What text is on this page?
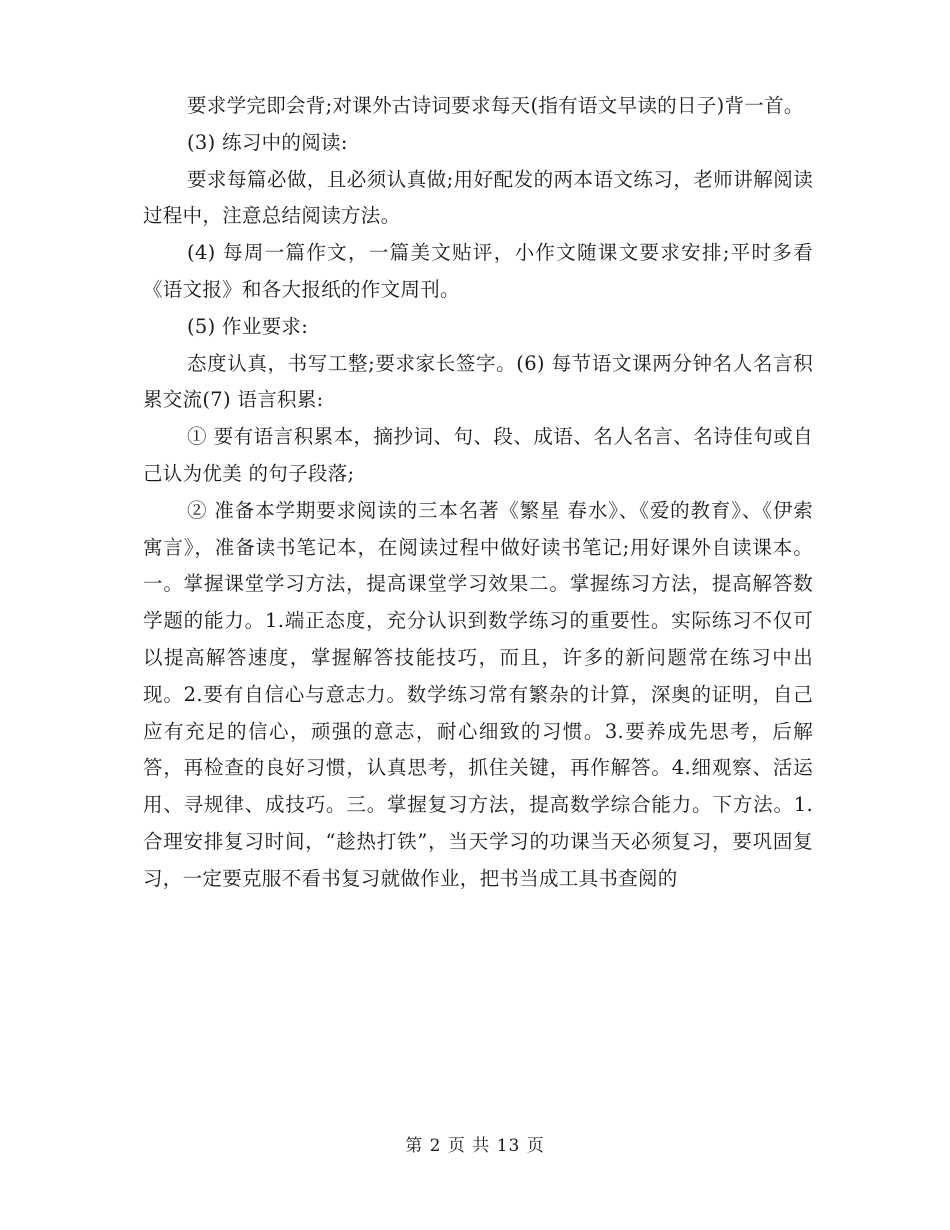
要求学完即会背;对课外古诗词要求每天(指有语文早读的日子)背一首。

(3) 练习中的阅读:

要求每篇必做，且必须认真做;用好配发的两本语文练习，老师讲解阅读过程中，注意总结阅读方法。

(4) 每周一篇作文，一篇美文贴评，小作文随课文要求安排;平时多看《语文报》和各大报纸的作文周刊。

(5) 作业要求:

态度认真，书写工整;要求家长签字。(6) 每节语文课两分钟名人名言积累交流(7) 语言积累:

① 要有语言积累本，摘抄词、句、段、成语、名人名言、名诗佳句或自己认为优美 的句子段落;

② 准备本学期要求阅读的三本名著《繁星 春水》、《爱的教育》、《伊索寓言》，准备读书笔记本，在阅读过程中做好读书笔记;用好课外自读课本。一。掌握课堂学习方法，提高课堂学习效果二。掌握练习方法，提高解答数学题的能力。1.端正态度，充分认识到数学练习的重要性。实际练习不仅可以提高解答速度，掌握解答技能技巧，而且，许多的新问题常在练习中出现。2.要有自信心与意志力。数学练习常有繁杂的计算，深奥的证明，自己应有充足的信心，顽强的意志，耐心细致的习惯。3.要养成先思考，后解答，再检查的良好习惯，认真思考，抓住关键，再作解答。4.细观察、活运用、寻规律、成技巧。三。掌握复习方法，提高数学综合能力。下方法。1.合理安排复习时间，“趁热打铁”，当天学习的功课当天必须复习，要巩固复习，一定要克服不看书复习就做作业，把书当成工具书查阅的

第 2 页 共 13 页
